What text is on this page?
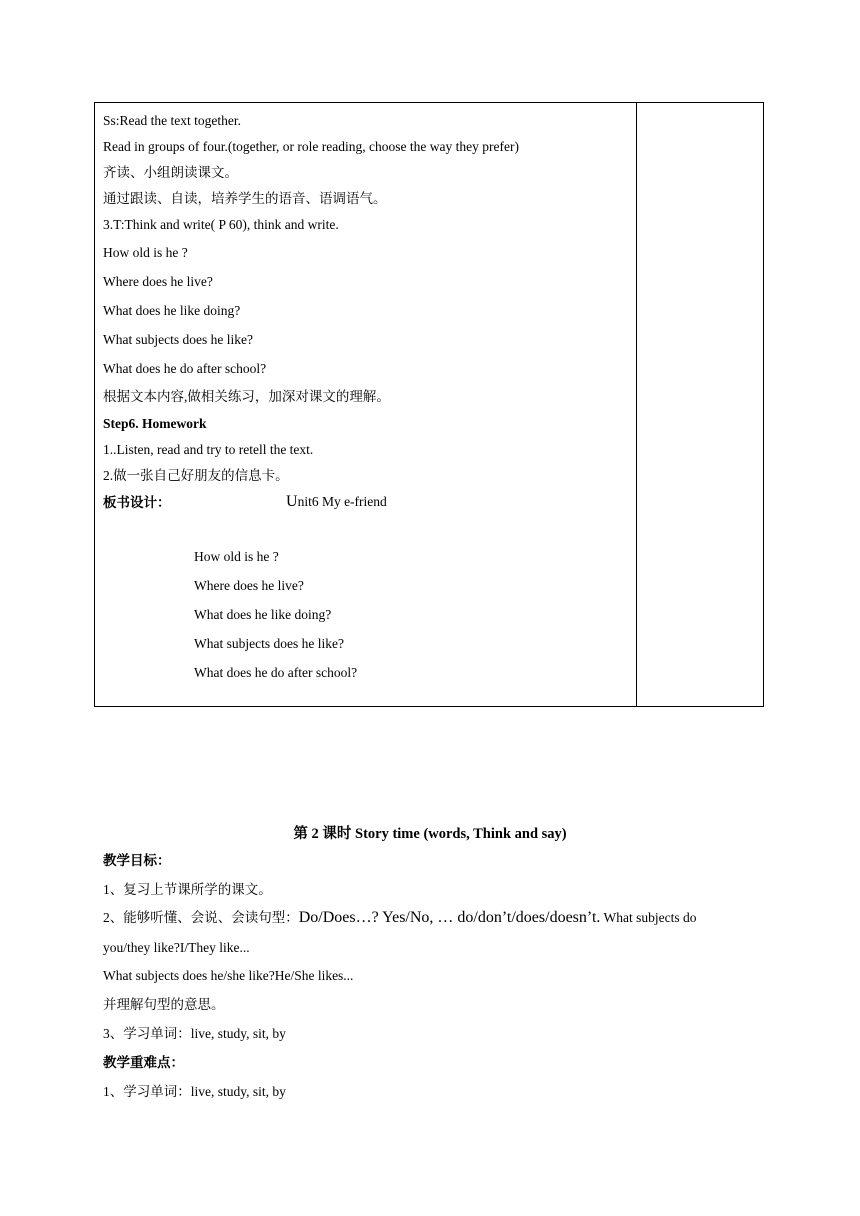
Ss:Read the text together.
Read in groups of four.(together, or role reading, choose the way they prefer)
齐读、小组朗读课文。
通过跟读、自读，培养学生的语音、语调语气。
3.T:Think and write( P 60), think and write.
How old is he ?
Where does he live?
What does he like doing?
What subjects does he like?
What does he do after school?
根据文本内容,做相关练习，加深对课文的理解。
Step6. Homework
1..Listen, read and try to retell the text.
2.做一张自己好朋友的信息卡。
板书设计：	Unit6 My e-friend
How old is he ?
Where does he live?
What does he like doing?
What subjects does he like?
What does he do after school?
第 2 课时 Story time (words, Think and say)
教学目标：
1、复习上节课所学的课文。
2、能够听懂、会说、会读句型：Do/Does…? Yes/No, … do/don’t/does/doesn’t. What subjects do
you/they like?I/They like...
What subjects does he/she like?He/She likes...
并理解句型的意思。
3、学习单词：live, study, sit, by
教学重难点：
1、学习单词：live, study, sit, by
